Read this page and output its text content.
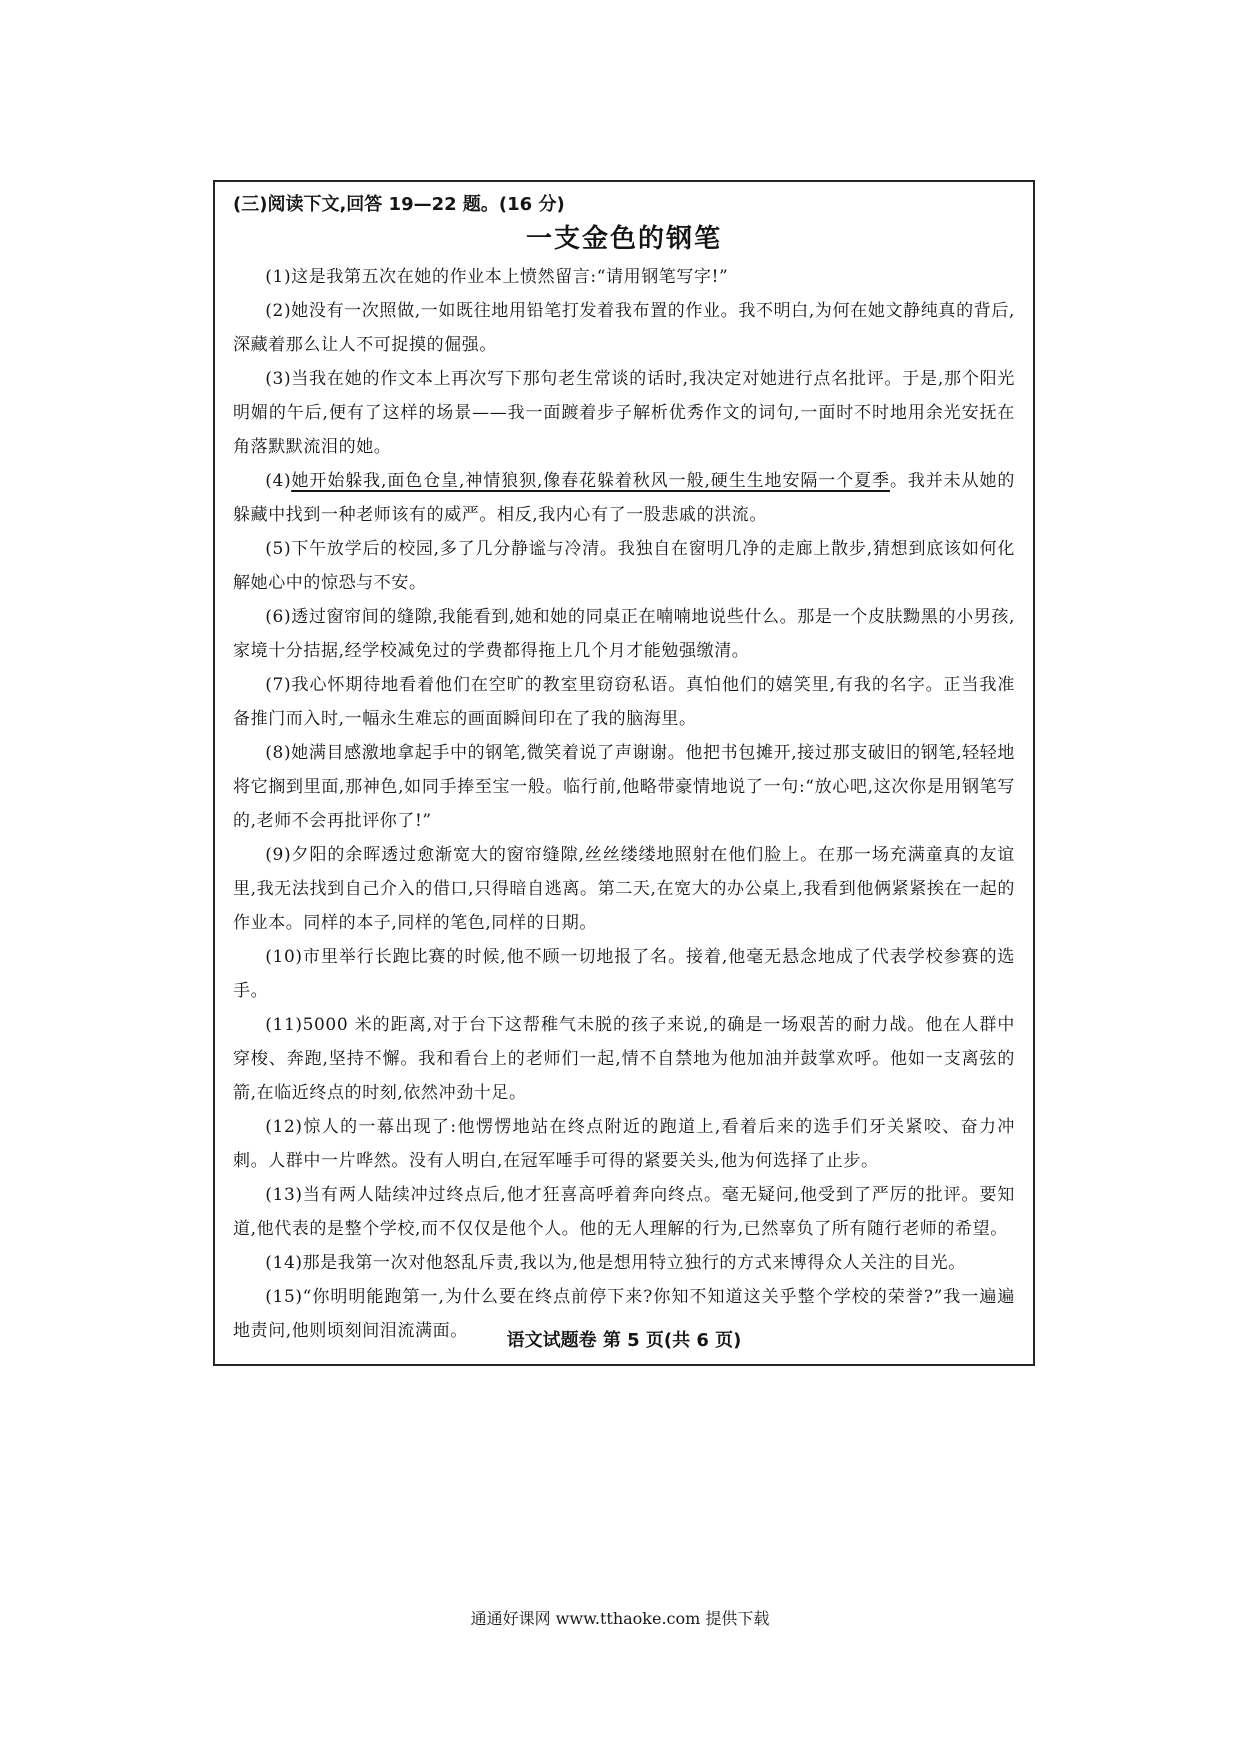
(三)阅读下文,回答 19—22 题。(16 分)

一支金色的钢笔

(1)这是我第五次在她的作业本上愤然留言:“请用钢笔写字!”

(2)她没有一次照做,一如既往地用铅笔打发着我布置的作业。我不明白,为何在她文静纯真的背后,深藏着那么让人不可捉摸的倔强。

(3)当我在她的作文本上再次写下那句老生常谈的话时,我决定对她进行点名批评。于是,那个阳光明媚的午后,便有了这样的场景——我一面踱着步子解析优秀作文的词句,一面时不时地用余光安抚在角落默默流泪的她。

(4)她开始躲我,面色仓皇,神情狼狈,像春花躲着秋风一般,硬生生地安隔一个夏季。我并未从她的躲藏中找到一种老师该有的威严。相反,我内心有了一股悲戚的洪流。

(5)下午放学后的校园,多了几分静谧与冷清。我独自在窗明几净的走廊上散步,猜想到底该如何化解她心中的惊恐与不安。

(6)透过窗帘间的缝隙,我能看到,她和她的同桌正在喃喃地说些什么。那是一个皮肤黝黑的小男孩,家境十分拮据,经学校减免过的学费都得拖上几个月才能勉强缴清。

(7)我心怀期待地看着他们在空旷的教室里窃窃私语。真怕他们的嬉笑里,有我的名字。正当我准备推门而入时,一幅永生难忘的画面瞬间印在了我的脑海里。

(8)她满目感激地拿起手中的钢笔,微笑着说了声谢谢。他把书包摊开,接过那支破旧的钢笔,轻轻地将它搁到里面,那神色,如同手捧至宝一般。临行前,他略带豪情地说了一句:“放心吧,这次你是用钢笔写的,老师不会再批评你了!”

(9)夕阳的余晖透过愈渐宽大的窗帘缝隙,丝丝缕缕地照射在他们脸上。在那一场充满童真的友谊里,我无法找到自己介入的借口,只得暗自逃离。第二天,在宽大的办公桌上,我看到他俩紧紧挨在一起的作业本。同样的本子,同样的笔色,同样的日期。

(10)市里举行长跑比赛的时候,他不顾一切地报了名。接着,他毫无悬念地成了代表学校参赛的选手。

(11)5000 米的距离,对于台下这帮稚气未脱的孩子来说,的确是一场艰苦的耐力战。他在人群中穿梭、奔跑,坚持不懈。我和看台上的老师们一起,情不自禁地为他加油并鼓掌欢呼。他如一支离弦的箭,在临近终点的时刻,依然冲劲十足。

(12)惊人的一幕出现了:他愣愣地站在终点附近的跑道上,看着后来的选手们牙关紧咬、奋力冲刺。人群中一片哗然。没有人明白,在冠军唾手可得的紧要关头,他为何选择了止步。

(13)当有两人陆续冲过终点后,他才狂喜高呼着奔向终点。毫无疑问,他受到了严厉的批评。要知道,他代表的是整个学校,而不仅仅是他个人。他的无人理解的行为,已然辜负了所有随行老师的希望。

(14)那是我第一次对他怒乱斥责,我以为,他是想用特立独行的方式来博得众人关注的目光。

(15)“你明明能跑第一,为什么要在终点前停下来?你知不知道这关乎整个学校的荣誉?”我一遍遍地责问,他则顷刻间泪流满面。	语文试题卷 第 5 页(共 6 页)
通通好课网 www.tthaoke.com 提供下载
